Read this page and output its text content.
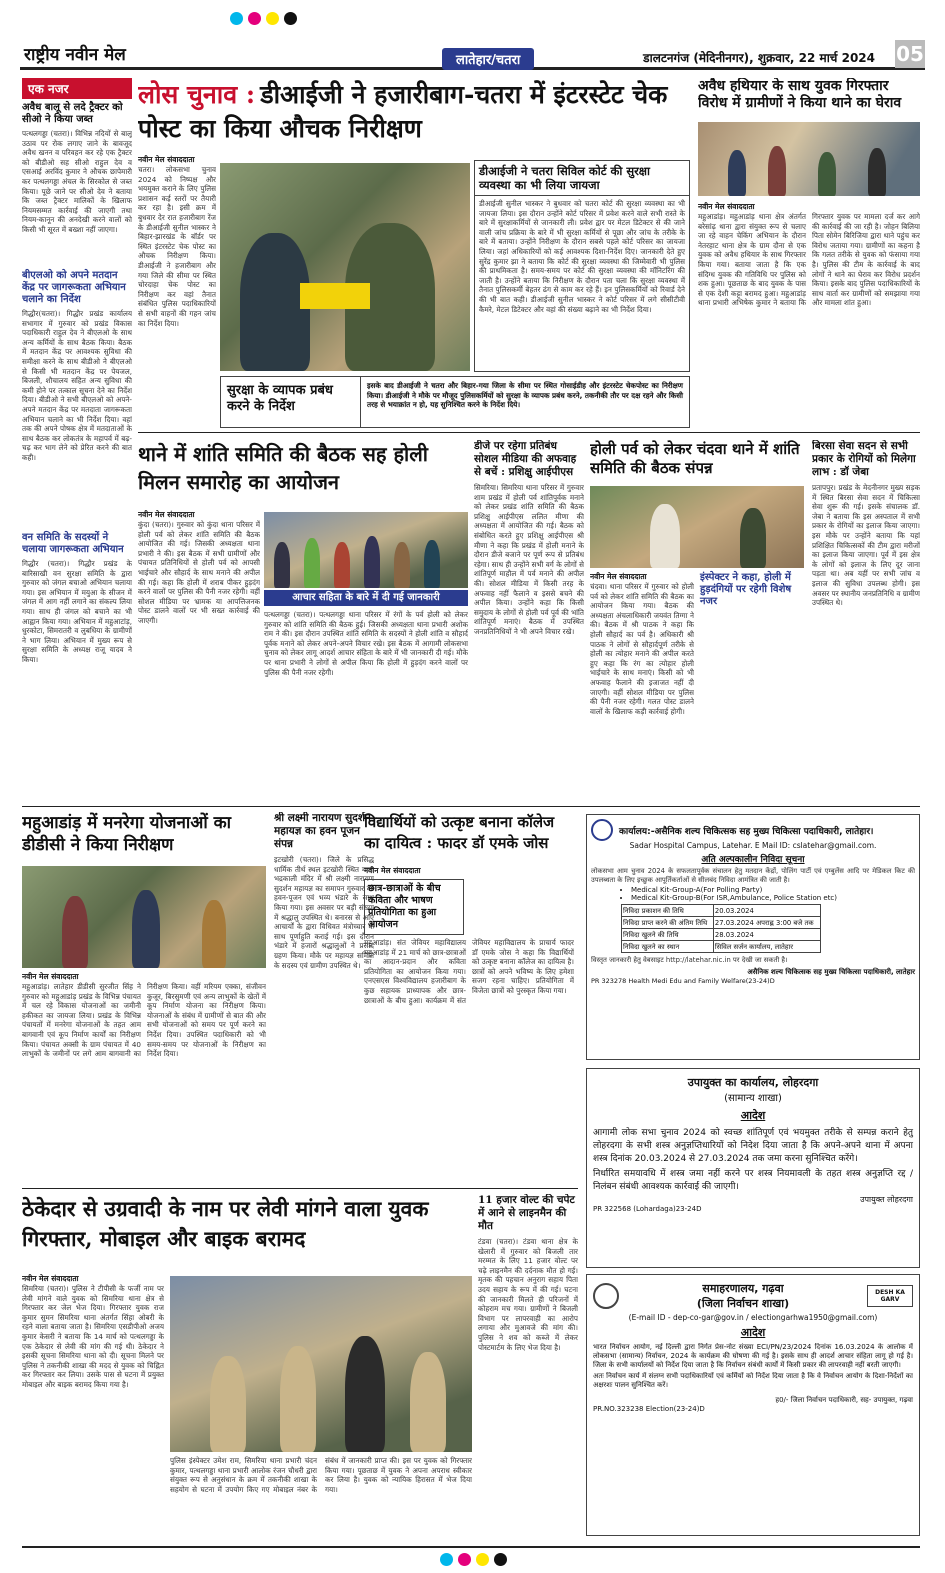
राष्ट्रीय नवीन मेल	लातेहार/चतरा	डालटनगंज (मेदिनीनगर), शुक्रवार, 22 मार्च 2024 05
एक नजर
अवैध बालू से लदे ट्रैक्टर को सीओ ने किया जब्त
पत्थलगड्डा (चतरा)। विभिन्न नदियों से बालू उठाव पर रोक लगाए जाने के बावजूद अवैध खनन व परिवहन कर रहे एक ट्रैक्टर को बीडीओ सह सीओ राहुल देव व एसआई अरविंद कुमार ने औचक छापेमारी कर पत्थलगड्डा अंचल के सिरकोल से जब्त किया। पूछे जाने पर सीओ देव ने बताया कि जब्त ट्रैक्टर मालिकों के खिलाफ नियमसम्मत कार्रवाई की जाएगी तथा नियम-कानून की अनदेखी करने वालों को किसी भी सूरत में बख्शा नहीं जाएगा।
बीएलओ को अपने मतदान केंद्र पर जागरूकता अभियान चलाने का निर्देश
गिद्धौर(चतरा)। गिद्धौर प्रखंड कार्यालय सभागार में गुरुवार को प्रखंड विकास पदाधिकारी राहुल देव ने बीएलओ के साथ अन्य कर्मियों के साथ बैठक किया। बैठक में मतदान केंद्र पर आवश्यक सुविधा की समीक्षा करने के साथ बीडीओ ने बीएलओ से किसी भी मतदान केंद्र पर पेयजल, बिजली, शौचालय सहित अन्य सुविधा की कमी होने पर तत्काल सूचना देने का निर्देश दिया। बीडीओ ने सभी बीएलओ को अपने-अपने मतदान केंद्र पर मतदाता जागरूकता अभियान चलाने का भी निर्देश दिया। वहां तक की अपने पोषक क्षेत्र में मतदाताओं के साथ बैठक कर लोकतंत्र के महापर्व में बढ़-चढ़ कर भाग लेने को प्रेरित करने की बात कही।
वन समिति के सदस्यों ने चलाया जागरूकता अभियान
गिद्धौर (चतरा)। गिद्धौर प्रखंड के बारिसाखी वन सुरक्षा समिति के द्वारा गुरुवार को जंगल बचाओ अभियान चलाया गया। इस अभियान में मयुआ के सीजन में जंगल में आग नहीं लगाने का संकल्प लिया गया। साथ ही जंगल को बचाने का भी आह्वान किया गया। अभियान में महुआटांड़, धुरकोटा, सिमरातरी व लुबधिया के ग्रामीणों ने भाग लिया। अभियान में मुख्य रूप से सुरक्षा समिति के अध्यक्ष राजू यादव ने किया।
लोस चुनाव : डीआईजी ने हजारीबाग-चतरा में इंटरस्टेट चेक पोस्ट का किया औचक निरीक्षण
नवीन मेल संवाददाता
चतरा। लोकसभा चुनाव 2024 को निष्पक्ष और भयमुक्त कराने के लिए पुलिस प्रशासन कई स्तरों पर तैयारी कर रहा है। इसी क्रम में बुधवार देर रात हजारीबाग रेंज के डीआईजी सुनील भास्कर ने बिहार-झारखंड के बॉर्डर पर स्थित इंटरस्टेट चेक पोस्ट का औचक निरीक्षण किया। डीआईजी ने हजारीबाग और गया जिले की सीमा पर स्थित चोरदाहा चेक पोस्ट का निरीक्षण कर वहां तैनात संबंधित पुलिस पदाधिकारियों से सभी वाहनों की गहन जांच का निर्देश दिया।
डीआईजी ने चतरा सिविल कोर्ट की सुरक्षा व्यवस्था का भी लिया जायजा
डीआईजी सुनील भास्कर ने बुधवार को चतरा कोर्ट की सुरक्षा व्यवस्था का भी जायजा लिया। इस दौरान उन्होंने कोर्ट परिसर में प्रवेश करने वाले सभी रास्ते के बारे में सुरक्षाकर्मियों से जानकारी ली। प्रवेश द्वार पर मेटल डिटेक्टर से की जाने वाली जांच प्रक्रिया के बारे में भी सुरक्षा कर्मियों से पूछा और जांच के तरीके के बारे में बताया। उन्होंने निरीक्षण के दौरान सबसे पहले कोर्ट परिसर का जायजा लिया। जहां अधिकारियों को कई आवश्यक दिशा-निर्देश दिए। जानकारी देते हुए सुरेंद्र कुमार झा ने बताया कि कोर्ट की सुरक्षा व्यवस्था की जिम्मेवारी भी पुलिस की प्राथमिकता है। समय-समय पर कोर्ट की सुरक्षा व्यवस्था की मॉनिटरिंग की जाती है। उन्होंने बताया कि निरीक्षण के दौरान पता चला कि सुरक्षा व्यवस्था में तैनात पुलिसकर्मी बेहतर ढंग से काम कर रहे हैं। इन पुलिसकर्मियों को रिवार्ड देने की भी बात कही। डीआईजी सुनील भास्कर ने कोर्ट परिसर में लगे सीसीटीवी कैमरे, मेटल डिटेक्टर और वहां की संख्या बढ़ाने का भी निर्देश दिया।
सुरक्षा के व्यापक प्रबंध करने के निर्देश
इसके बाद डीआईजी ने चतरा और बिहार-गया जिला के सीमा पर स्थित गोसाईडीह और इंटरस्टेट चेकपोस्ट का निरीक्षण किया। डीआईजी ने मौके पर मौजूद पुलिसकर्मियों को सुरक्षा के व्यापक प्रबंध करने, तकनीकी तौर पर दक्ष रहने और किसी तरह से भयाक्रांत न हो, यह सुनिश्चित करने के निर्देश दिये।
अवैध हथियार के साथ युवक गिरफ्तार विरोध में ग्रामीणों ने किया थाने का घेराव
नवीन मेल संवाददाता
महुआडांड़। महुआडांड़ थाना क्षेत्र अंतर्गत बरेसांढ़ थाना द्वारा संयुक्त रूप से चलाए जा रहे वाहन चेकिंग अभियान के दौरान नेतरहाट थाना क्षेत्र के ग्राम दौना से एक युवक को अवैध हथियार के साथ गिरफ्तार किया गया। बताया जाता है कि एक संदिग्ध युवक की गतिविधि पर पुलिस को शक हुआ। पूछताछ के बाद युवक के पास से एक देशी कट्टा बरामद हुआ। महुआडांड़ थाना प्रभारी अभिषेक कुमार ने बताया कि गिरफ्तार युवक पर मामला दर्ज कर आगे की कार्रवाई की जा रही है। जोहन बिलिया पिता सोमेन बिरिजिया द्वारा थाने पहुंच कर विरोध जताया गया। ग्रामीणों का कहना है कि गलत तरीके से युवक को फंसाया गया है। पुलिस की टीम के कार्रवाई के बाद लोगों ने थाने का घेराव कर विरोध प्रदर्शन किया। इसके बाद पुलिस पदाधिकारियों के साथ वार्ता कर ग्रामीणों को समझाया गया और मामला शांत हुआ।
थाने में शांति समिति की बैठक सह होली मिलन समारोह का आयोजन
नवीन मेल संवाददाता
कुंदा (चतरा)। गुरुवार को कुंदा थाना परिसर में होली पर्व को लेकर शांति समिति की बैठक आयोजित की गई। जिसकी अध्यक्षता थाना प्रभारी ने की। इस बैठक में सभी ग्रामीणों और पंचायत प्रतिनिधियों से होली पर्व को आपसी भाईचारे और सौहार्द के साथ मनाने की अपील की गई। कहा कि होली में शराब पीकर हुड़दंग करने वालों पर पुलिस की पैनी नजर रहेगी। वहीं सोशल मीडिया पर भ्रामक या आपत्तिजनक पोस्ट डालने वालों पर भी सख्त कार्रवाई की जाएगी।
आचार सहिता के बारे में दी गई जानकारी
पत्थलगड्डा (चतरा)। पत्थलगड्डा थाना परिसर में रंगों के पर्व होली को लेकर गुरुवार को शांति समिति की बैठक हुई। जिसकी अध्यक्षता थाना प्रभारी अशोक राम ने की। इस दौरान उपस्थित शांति समिति के सदस्यों ने होली शांति व सौहार्द पूर्वक मनाने को लेकर अपने-अपने विचार रखे। इस बैठक में आगामी लोकसभा चुनाव को लेकर लागू आदर्श आचार संहिता के बारे में भी जानकारी दी गई। मौके पर थाना प्रभारी ने लोगों से अपील किया कि होली में हुड़दंग करने वालों पर पुलिस की पैनी नजर रहेगी।
डीजे पर रहेगा प्रतिबंध सोशल मीडिया की अफवाह से बचें : प्रशिक्षु आईपीएस
सिमरिया। सिमरिया थाना परिसर में गुरुवार शाम प्रखंड में होली पर्व शांतिपूर्वक मनाने को लेकर प्रखंड शांति समिति की बैठक प्रशिक्षु आईपीएस ललित मीणा की अध्यक्षता में आयोजित की गई। बैठक को संबोधित करते हुए प्रशिक्षु आईपीएस श्री मीणा ने कहा कि प्रखंड में होली मनाने के दौरान डीजे बजाने पर पूर्ण रूप से प्रतिबंध रहेगा। साथ ही उन्होंने सभी वर्ग के लोगों से शांतिपूर्ण माहौल में पर्व मनाने की अपील की। सोशल मीडिया में किसी तरह के अफवाह नहीं फैलाने व इससे बचने की अपील किया। उन्होंने कहा कि किसी समुदाय के लोगों से होली पर्व पूर्व की भांति शांतिपूर्ण मनाएं। बैठक में उपस्थित जनप्रतिनिधियों ने भी अपने विचार रखे।
होली पर्व को लेकर चंदवा थाने में शांति समिति की बैठक संपन्न
नवीन मेल संवाददाता
चंदवा। थाना परिसर में गुरुवार को होली पर्व को लेकर शांति समिति की बैठक का आयोजन किया गया। बैठक की अध्यक्षता अंचलाधिकारी जयवंत तिग्गा ने की। बैठक में श्री पाठक ने कहा कि होली सौहार्द का पर्व है। अधिकारी श्री पाठक ने लोगों से सौहार्दपूर्ण तरीके से होली का त्योहार मनाने की अपील करते हुए कहा कि रंग का त्योहार होली भाईचारे के साथ मनाएं। किसी को भी अफवाह फैलाने की इजाजत नहीं दी जाएगी। वहीं सोशल मीडिया पर पुलिस की पैनी नजर रहेगी। गलत पोस्ट डालने वालों के खिलाफ कड़ी कार्रवाई होगी।
इंस्पेक्टर ने कहा, होली में हुड़दंगियों पर रहेगी विशेष नजर
बिरसा सेवा सदन से सभी प्रकार के रोगियों को मिलेगा लाभ : डॉ जेबा
प्रतापपुर। प्रखंड के मेदनीनगर मुख्य सड़क में स्थित बिरसा सेवा सदन में चिकित्सा सेवा शुरू की गई। इसके संचालक डॉ. जेबा ने बताया कि इस अस्पताल में सभी प्रकार के रोगियों का इलाज किया जाएगा। इस मौके पर उन्होंने बताया कि यहां प्रशिक्षित चिकित्सकों की टीम द्वारा मरीजों का इलाज किया जाएगा। पूर्व में इस क्षेत्र के लोगों को इलाज के लिए दूर जाना पड़ता था। अब यहीं पर सभी जांच व इलाज की सुविधा उपलब्ध होगी। इस अवसर पर स्थानीय जनप्रतिनिधि व ग्रामीण उपस्थित थे।
महुआडांड़ में मनरेगा योजनाओं का डीडीसी ने किया निरीक्षण
नवीन मेल संवाददाता
महुआडांड़। लातेहार डीडीसी सुरजीत सिंह ने गुरुवार को महुआडांड़ प्रखंड के विभिन्न पंचायत में चल रहे विकास योजनाओं का जमीनी हकीकत का जायजा लिया। प्रखंड के विभिन्न पंचायतों में मनरेगा योजनाओं के तहत आम बागवानी एवं कूप निर्माण कार्यों का निरीक्षण किया। पंचायत अक्सी के ग्राम पंचायत में 40 लाभुकों के जमीनों पर लगे आम बागवानी का निरीक्षण किया। वहीं मरियम एक्का, संजीवन कुजूर, बिरसुमणी एवं अन्य लाभुकों के खेतों में कूप निर्माण योजना का निरीक्षण किया। योजनाओं के संबंध में ग्रामीणों से बात की और सभी योजनाओं को समय पर पूर्ण करने का निर्देश दिया। उपस्थित पदाधिकारी को भी समय-समय पर योजनाओं के निरीक्षण का निर्देश दिया।
श्री लक्ष्मी नारायण सुदर्शन महायज्ञ का हवन पूजन संपन्न
इटखोरी (चतरा)। जिले के प्रसिद्ध धार्मिक तीर्थ स्थल इटखोरी स्थित माता भद्रकाली मंदिर में श्री लक्ष्मी नारायण सुदर्शन महायज्ञ का समापन गुरुवार को हवन-पूजन एवं भव्य भंडारे के साथ किया गया। इस अवसर पर बड़ी संख्या में श्रद्धालु उपस्थित थे। बनारस से आए आचार्यों के द्वारा विधिवत मंत्रोच्चार के साथ पूर्णाहुति कराई गई। इस दौरान भंडारे में हजारों श्रद्धालुओं ने प्रसाद ग्रहण किया। मौके पर महायज्ञ समिति के सदस्य एवं ग्रामीण उपस्थित थे।
विद्यार्थियों को उत्कृष्ट बनाना कॉलेज का दायित्व : फादर डॉ एमके जोस
नवीन मेल संवाददाता
छात्र-छात्राओं के बीच कविता और भाषण प्रतियोगिता का हुआ आयोजन
महुआडांड़। संत जेवियर महाविद्यालय महुआडांड़ में 21 मार्च को छात्र-छात्राओं का आदान-प्रदान और कविता प्रतियोगिता का आयोजन किया गया। एनएसएस विश्वविद्यालय हजारीबाग के कुछ सहायक प्राध्यापक और छात्र-छात्राओं के बीच हुआ। कार्यक्रम में संत जेवियर महाविद्यालय के प्राचार्य फादर डॉ एमके जोस ने कहा कि विद्यार्थियों को उत्कृष्ट बनाना कॉलेज का दायित्व है। छात्रों को अपने भविष्य के लिए हमेशा सजग रहना चाहिए। प्रतियोगिता में विजेता छात्रों को पुरस्कृत किया गया।
कार्यालय:-असैनिक शल्य चिकित्सक सह मुख्य चिकित्सा पदाधिकारी, लातेहार।
Sadar Hospital Campus, Latehar. E Mail ID: cslatehar@gmail.com.
अति अल्पकालीन निविदा सूचना
लोकसभा आम चुनाव 2024 के सफलतापूर्वक संचालन हेतु मतदान केंद्रों, पोलिंग पार्टी एवं एम्बुलेंस आदि पर मेडिकल किट की उपलब्धता के लिए इच्छुक आपूर्तिकर्ताओं से सीलबंद निविदा आमंत्रित की जाती है।
• Medical Kit-Group-A(For Polling Party)
• Medical Kit-Group-B(For ISR,Ambulance, Police Station etc)
निविदा प्रकाशन की तिथि	20.03.2024
निविदा प्राप्त करने की अंतिम तिथि	27.03.2024 अपराह्न 3:00 बजे तक
निविदा खुलने की तिथि	28.03.2024
निविदा खुलने का स्थान	सिविल सर्जन कार्यालय, लातेहार
विस्तृत जानकारी हेतु वेबसाइट http://latehar.nic.in पर देखी जा सकती है।
असैनिक शल्य चिकित्सक सह मुख्य चिकित्सा पदाधिकारी, लातेहार
PR 323278 Health Medi Edu and Family Welfare(23-24)D
उपायुक्त का कार्यालय, लोहरदगा
(सामान्य शाखा)
आदेश
आगामी लोक सभा चुनाव 2024 को स्वच्छ शांतिपूर्ण एवं भयमुक्त तरीके से सम्पन्न कराने हेतु लोहरदगा के सभी शस्त्र अनुज्ञप्तिधारियों को निदेश दिया जाता है कि अपने-अपने थाना में अपना शस्त्र दिनांक 20.03.2024 से 27.03.2024 तक जमा करना सुनिश्चित करेंगे।
निर्धारित समयावधि में शस्त्र जमा नहीं करने पर शस्त्र नियमावली के तहत शस्त्र अनुज्ञप्ति रद्द / निलंबन संबंधी आवश्यक कार्रवाई की जाएगी।
उपायुक्त लोहरदगा
PR 322568 (Lohardaga)23-24D
समाहरणालय, गढ़वा
(जिला निर्वाचन शाखा)
DESH KA GARV
(E-mail ID - dep-co-gar@gov.in / electiongarhwa1950@gmail.com)
आदेश
भारत निर्वाचन आयोग, नई दिल्ली द्वारा निर्गत प्रेस-नोट संख्या ECI/PN/23/2024 दिनांक 16.03.2024 के आलोक में लोकसभा (सामान्य) निर्वाचन, 2024 के कार्यक्रम की घोषणा की गई है। इसके साथ ही आदर्श आचार संहिता लागू हो गई है। जिला के सभी कार्यालयों को निर्देश दिया जाता है कि निर्वाचन संबंधी कार्यों में किसी प्रकार की लापरवाही नहीं बरती जाएगी।
अतः निर्वाचन कार्य में संलग्न सभी पदाधिकारियों एवं कर्मियों को निर्देश दिया जाता है कि वे निर्वाचन आयोग के दिशा-निर्देशों का अक्षरशः पालन सुनिश्चित करें।
ह0/- जिला निर्वाचन पदाधिकारी, सह- उपायुक्त, गढ़वा
PR.NO.323238 Election(23-24)D
ठेकेदार से उग्रवादी के नाम पर लेवी मांगने वाला युवक गिरफ्तार, मोबाइल और बाइक बरामद
नवीन मेल संवाददाता
सिमरिया (चतरा)। पुलिस ने टीपीसी के फर्जी नाम पर लेवी मांगने वाले युवक को सिमरिया थाना क्षेत्र से गिरफ्तार कर जेल भेज दिया। गिरफ्तार युवक राज कुमार सुमन सिमरिया थाना अंतर्गत सिंहा ओबरी के रहने वाला बताया जाता है। सिमरिया एसडीपीओ अजय कुमार केसरी ने बताया कि 14 मार्च को पत्थलगड्डा के एक ठेकेदार से लेवी की मांग की गई थी। ठेकेदार ने इसकी सूचना सिमरिया थाना को दी। सूचना मिलने पर पुलिस ने तकनीकी शाखा की मदद से युवक को चिह्नित कर गिरफ्तार कर लिया। उसके पास से घटना में प्रयुक्त मोबाइल और बाइक बरामद किया गया है।
पुलिस इंस्पेक्टर उमेश राम, सिमरिया थाना प्रभारी चंदन कुमार, पत्थलगड्डा थाना प्रभारी आलोक रंजन चौधरी द्वारा संयुक्त रूप से अनुसंधान के क्रम में तकनीकी शाखा के सहयोग से घटना में उपयोग किए गए मोबाइल नंबर के संबंध में जानकारी प्राप्त की। इस पर युवक को गिरफ्तार किया गया। पूछताछ में युवक ने अपना अपराध स्वीकार कर लिया है। युवक को न्यायिक हिरासत में भेज दिया गया।
11 हजार वोल्ट की चपेट में आने से लाइनमैन की मौत
टंडवा (चतरा)। टंडवा थाना क्षेत्र के खेलारी में गुरुवार को बिजली तार मरम्मत के लिए 11 हजार वोल्ट पर चढ़े लाइनमैन की दर्दनाक मौत हो गई। मृतक की पहचान अनुराग सहाय पिता उदय सहाय के रूप में की गई। घटना की जानकारी मिलते ही परिजनों में कोहराम मच गया। ग्रामीणों ने बिजली विभाग पर लापरवाही का आरोप लगाया और मुआवजे की मांग की। पुलिस ने शव को कब्जे में लेकर पोस्टमार्टम के लिए भेज दिया है।
